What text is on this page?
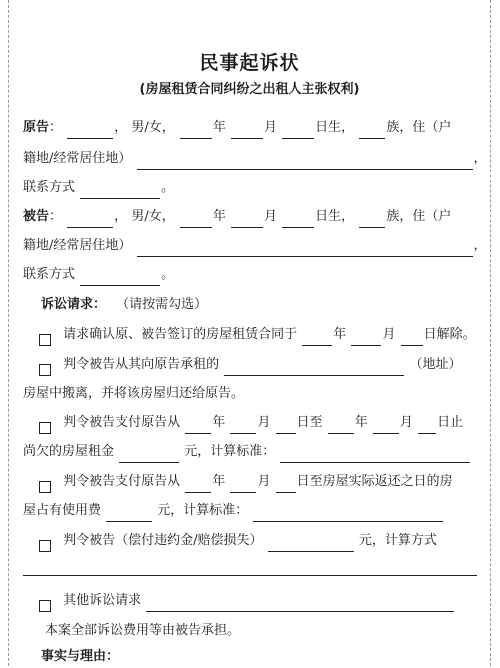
民事起诉状
(房屋租赁合同纠纷之出租人主张权利)
原告：	， 男/女，	年	月	日生， 族，住（户
籍地/经常居住地）	，
联系方式	。
被告：	， 男/女，	年	月	日生， 族，住（户
籍地/经常居住地）	，
联系方式	。
诉讼请求： （请按需勾选）
请求确认原、被告签订的房屋租赁合同于	年	月 日解除。
判令被告从其向原告承租的	（地址）
房屋中搬离，并将该房屋归还给原告。
判令被告支付原告从 年 月 日至 年 月 日止
尚欠的房屋租金	元，计算标准：
判令被告支付原告从 年 月 日至房屋实际返还之日的房
屋占有使用费	元，计算标准：
判令被告（偿付违约金/赔偿损失）	元，计算方式
其他诉讼请求
本案全部诉讼费用等由被告承担。
事实与理由：
